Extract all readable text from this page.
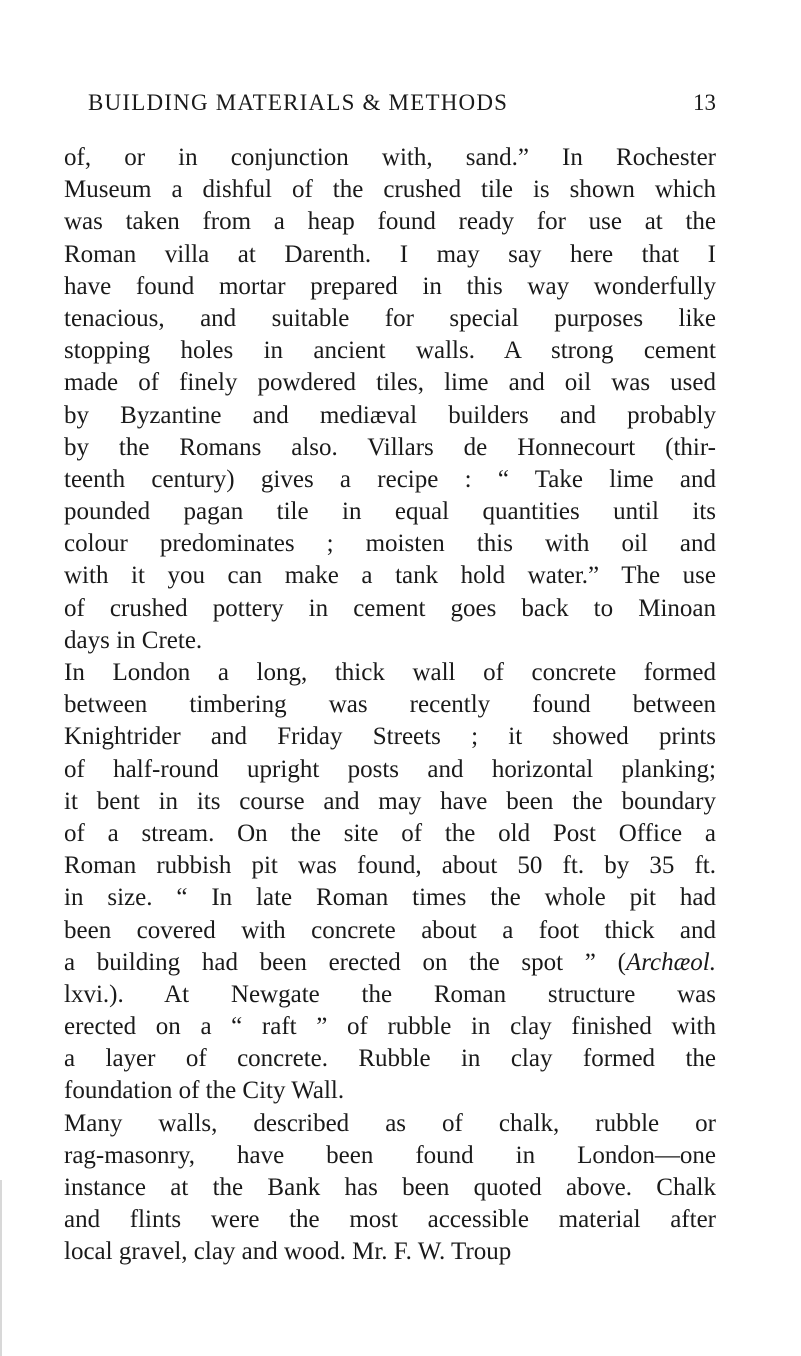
BUILDING MATERIALS & METHODS	13
of, or in conjunction with, sand.” In Rochester
Museum a dishful of the crushed tile is shown which
was taken from a heap found ready for use at the
Roman villa at Darenth. I may say here that I
have found mortar prepared in this way wonderfully
tenacious, and suitable for special purposes like
stopping holes in ancient walls. A strong cement
made of finely powdered tiles, lime and oil was used
by Byzantine and mediæval builders and probably
by the Romans also. Villars de Honnecourt (thir-
teenth century) gives a recipe : “ Take lime and
pounded pagan tile in equal quantities until its
colour predominates ; moisten this with oil and
with it you can make a tank hold water.” The use
of crushed pottery in cement goes back to Minoan
days in Crete.
In London a long, thick wall of concrete formed
between timbering was recently found between
Knightrider and Friday Streets ; it showed prints
of half-round upright posts and horizontal planking;
it bent in its course and may have been the boundary
of a stream. On the site of the old Post Office a
Roman rubbish pit was found, about 50 ft. by 35 ft.
in size. “ In late Roman times the whole pit had
been covered with concrete about a foot thick and
a building had been erected on the spot ” (Archæol.
lxvi.). At Newgate the Roman structure was
erected on a “ raft ” of rubble in clay finished with
a layer of concrete. Rubble in clay formed the
foundation of the City Wall.
Many walls, described as of chalk, rubble or
rag-masonry, have been found in London—one
instance at the Bank has been quoted above. Chalk
and flints were the most accessible material after
local gravel, clay and wood. Mr. F. W. Troup
